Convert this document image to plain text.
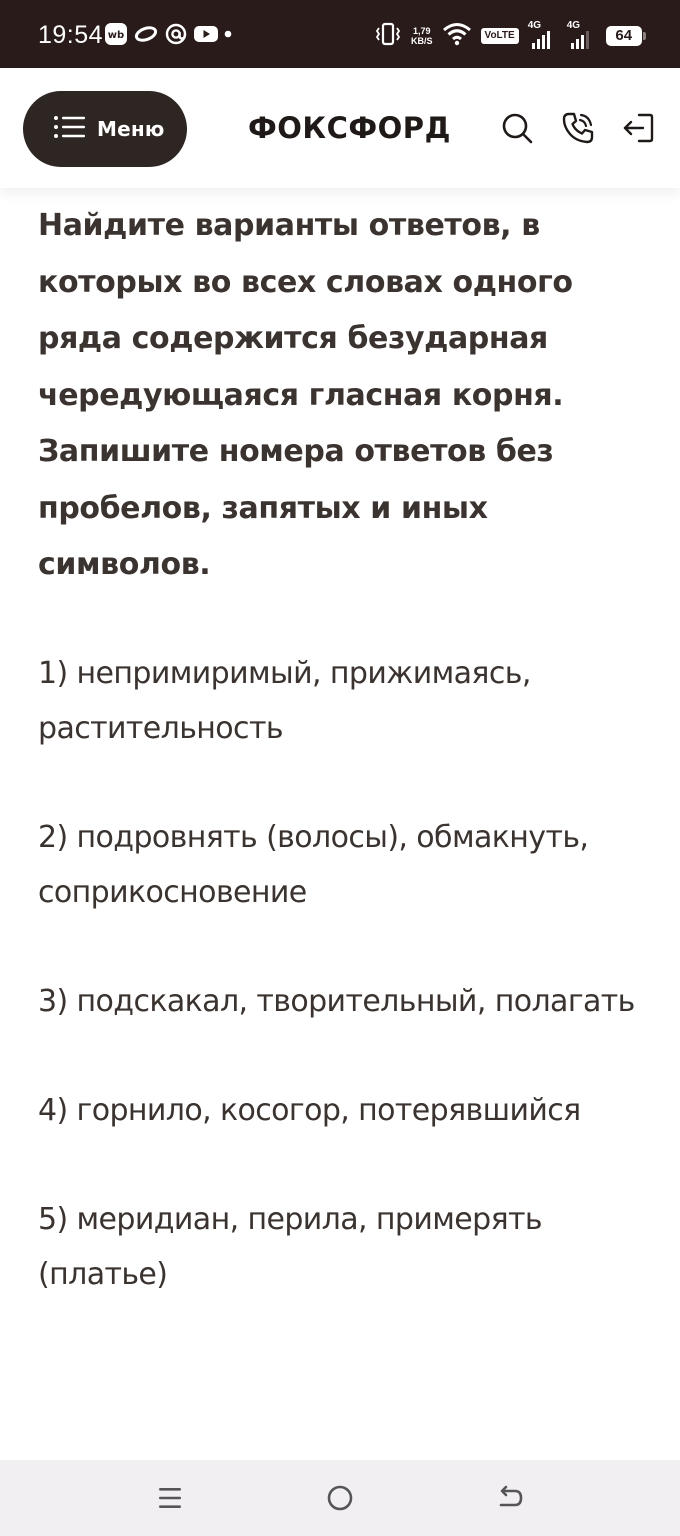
19:54 wb	1,79
KB/S	VoLTE
4G	4G
64
Меню	ФОКСФОРД

Найдите варианты ответов, в которых во всех словах одного ряда содержится безударная чередующаяся гласная корня. Запишите номера ответов без пробелов, запятых и иных символов.

1) непримиримый, прижимаясь, растительность

2) подровнять (волосы), обмакнуть, соприкосновение

3) подскакал, творительный, полагать

4) горнило, косогор, потерявшийся

5) меридиан, перила, примерять (платье)
